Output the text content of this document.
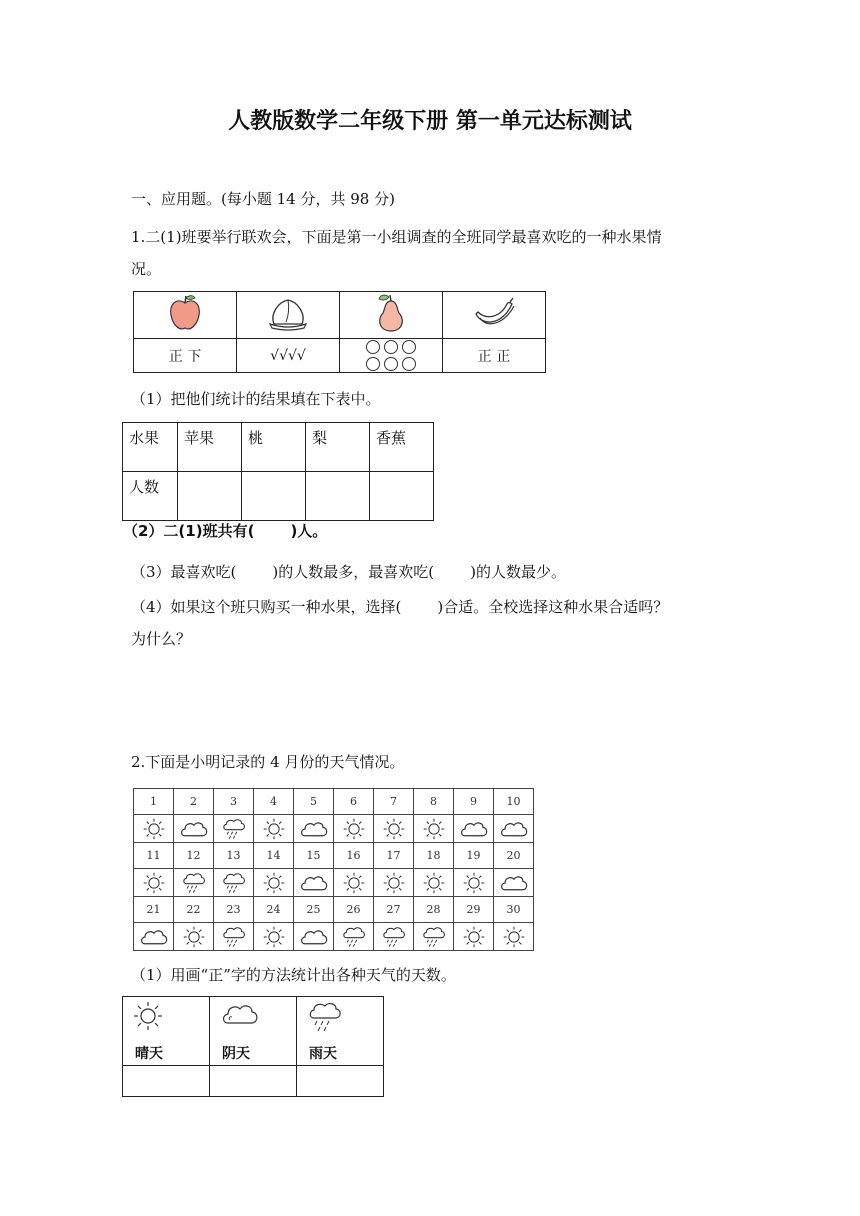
人教版数学二年级下册 第一单元达标测试
一、应用题。(每小题 14 分，共 98 分)
1.二(1)班要举行联欢会，下面是第一小组调查的全班同学最喜欢吃的一种水果情
况。

正 下	√√√√		正 正
（1）把他们统计的结果填在下表中。
水果	苹果	桃	梨	香蕉
人数				
（2）二(1)班共有( )人。
（3）最喜欢吃( )的人数最多，最喜欢吃( )的人数最少。
（4）如果这个班只购买一种水果，选择( )合适。全校选择这种水果合适吗？
为什么？
2.下面是小明记录的 4 月份的天气情况。
1	2	3	4	5	6	7	8	9	10

11	12	13	14	15	16	17	18	19	20

21	22	23	24	25	26	27	28	29	30

（1）用画“正”字的方法统计出各种天气的天数。
晴天	阴天	雨天
